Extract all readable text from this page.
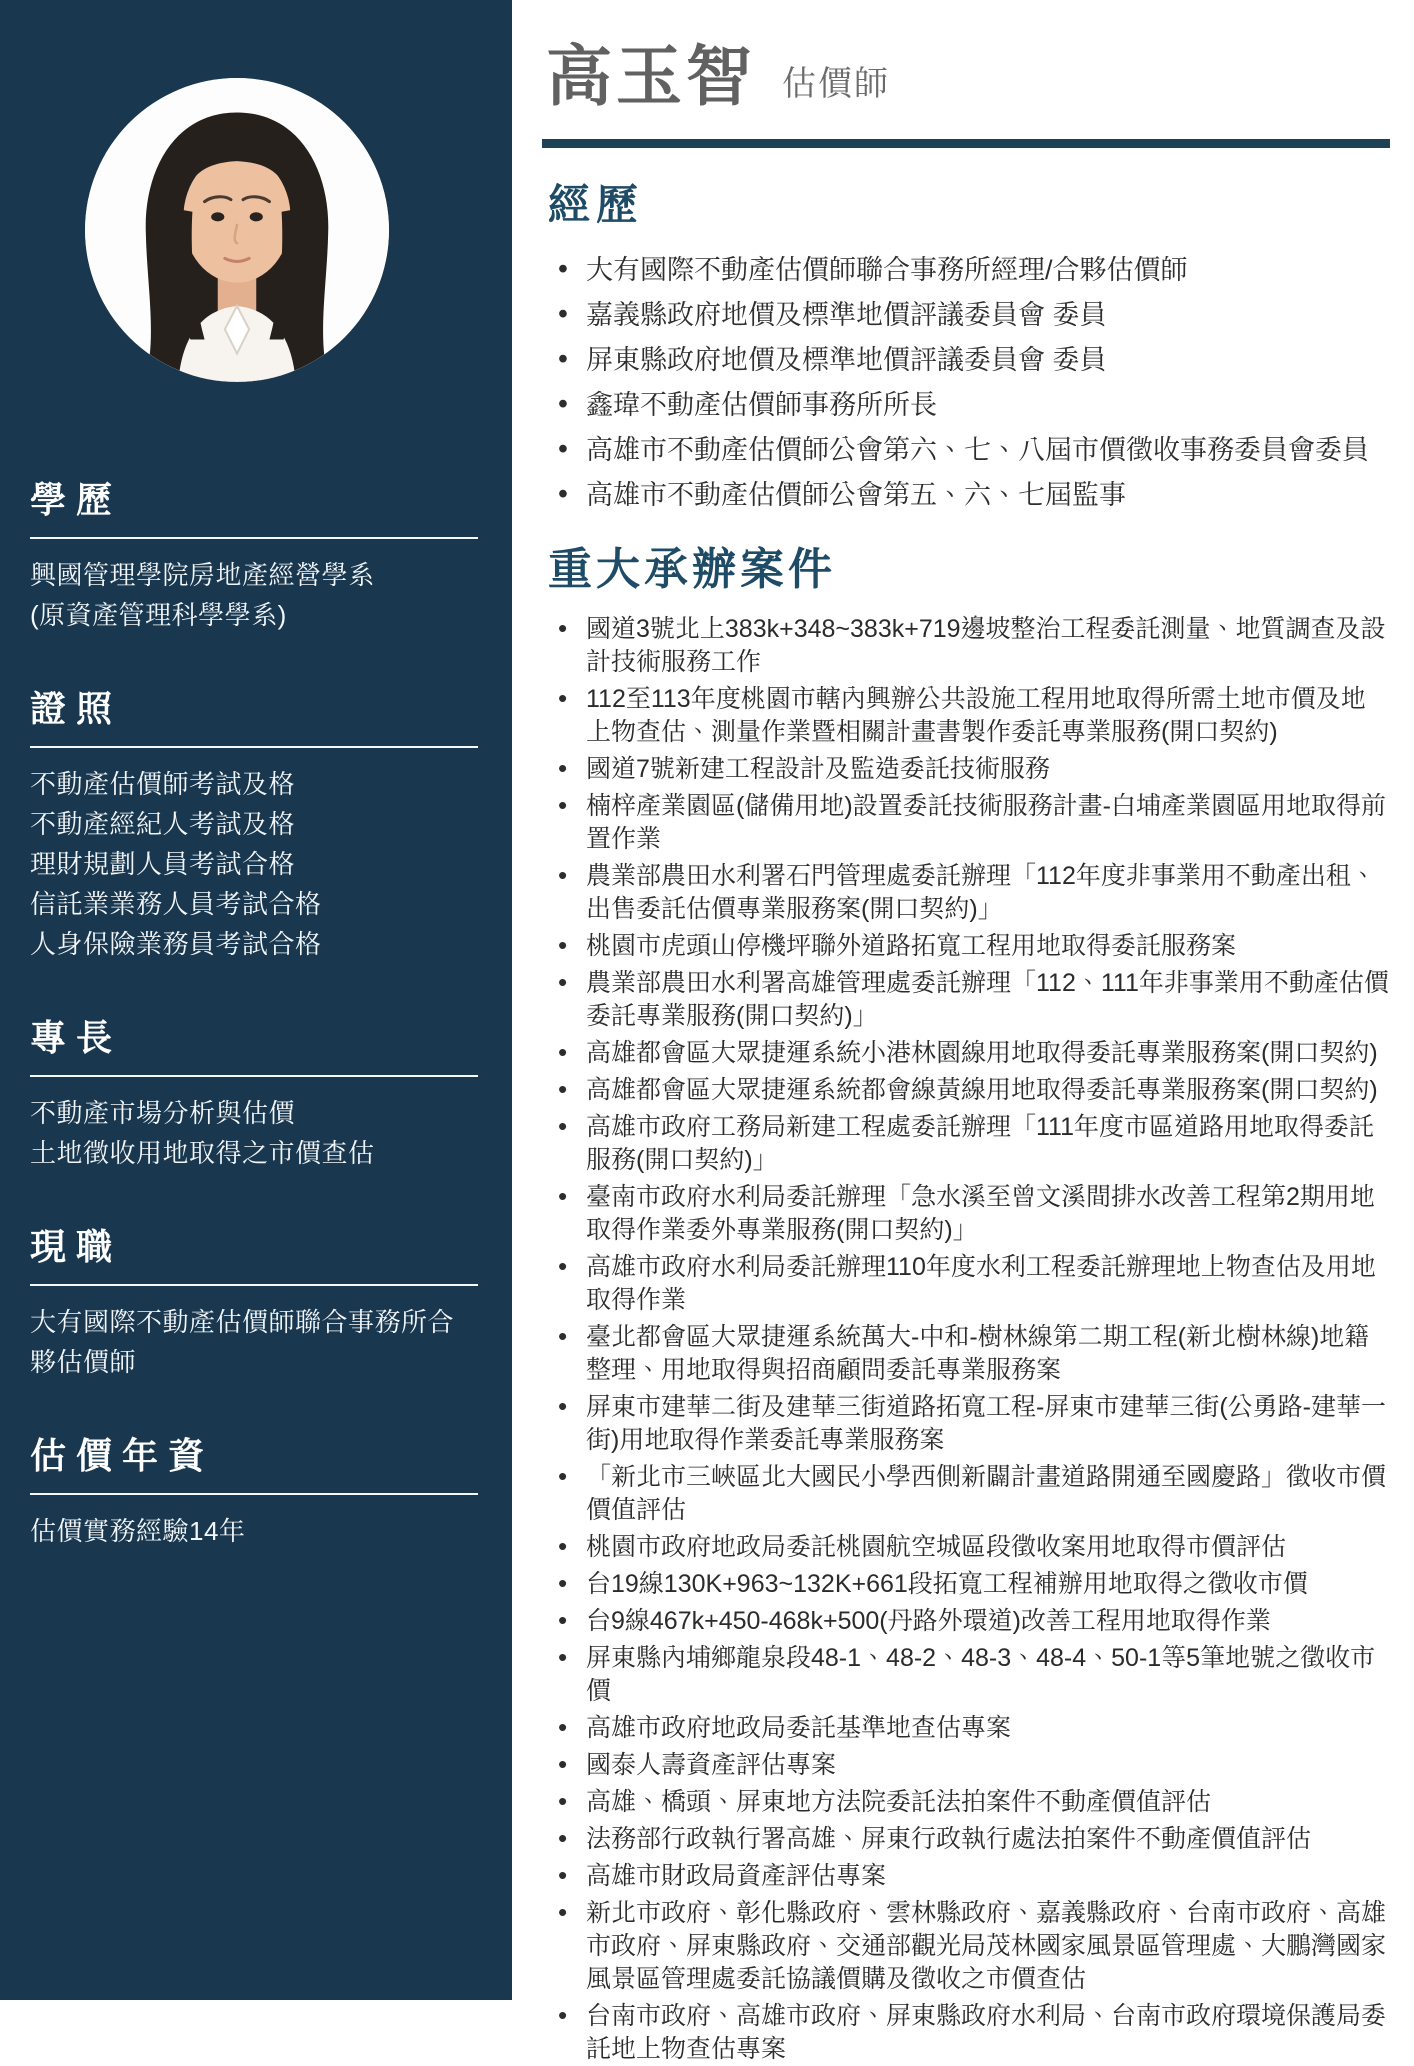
學歷
興國管理學院房地產經營學系
(原資產管理科學學系)
證照
不動產估價師考試及格
不動產經紀人考試及格
理財規劃人員考試合格
信託業業務人員考試合格
人身保險業務員考試合格
專長
不動產市場分析與估價
土地徵收用地取得之市價查估
現職
大有國際不動產估價師聯合事務所合夥估價師
估價年資
估價實務經驗14年
高玉智 估價師
經歷
• 大有國際不動產估價師聯合事務所經理/合夥估價師
• 嘉義縣政府地價及標準地價評議委員會 委員
• 屏東縣政府地價及標準地價評議委員會 委員
• 鑫瑋不動產估價師事務所所長
• 高雄市不動產估價師公會第六、七、八屆市價徵收事務委員會委員
• 高雄市不動產估價師公會第五、六、七屆監事
重大承辦案件
• 國道3號北上383k+348~383k+719邊坡整治工程委託測量、地質調查及設計技術服務工作
• 112至113年度桃園市轄內興辦公共設施工程用地取得所需土地市價及地上物查估、測量作業暨相關計畫書製作委託專業服務(開口契約)
• 國道7號新建工程設計及監造委託技術服務
• 楠梓產業園區(儲備用地)設置委託技術服務計畫-白埔產業園區用地取得前置作業
• 農業部農田水利署石門管理處委託辦理「112年度非事業用不動產出租、出售委託估價專業服務案(開口契約)」
• 桃園市虎頭山停機坪聯外道路拓寬工程用地取得委託服務案
• 農業部農田水利署高雄管理處委託辦理「112、111年非事業用不動產估價委託專業服務(開口契約)」
• 高雄都會區大眾捷運系統小港林園線用地取得委託專業服務案(開口契約)
• 高雄都會區大眾捷運系統都會線黃線用地取得委託專業服務案(開口契約)
• 高雄市政府工務局新建工程處委託辦理「111年度市區道路用地取得委託服務(開口契約)」
• 臺南市政府水利局委託辦理「急水溪至曾文溪間排水改善工程第2期用地取得作業委外專業服務(開口契約)」
• 高雄市政府水利局委託辦理110年度水利工程委託辦理地上物查估及用地取得作業
• 臺北都會區大眾捷運系統萬大-中和-樹林線第二期工程(新北樹林線)地籍整理、用地取得與招商顧問委託專業服務案
• 屏東市建華二街及建華三街道路拓寬工程-屏東市建華三街(公勇路-建華一街)用地取得作業委託專業服務案
• 「新北市三峽區北大國民小學西側新闢計畫道路開通至國慶路」徵收市價價值評估
• 桃園市政府地政局委託桃園航空城區段徵收案用地取得市價評估
• 台19線130K+963~132K+661段拓寬工程補辦用地取得之徵收市價
• 台9線467k+450-468k+500(丹路外環道)改善工程用地取得作業
• 屏東縣內埔鄉龍泉段48-1、48-2、48-3、48-4、50-1等5筆地號之徵收市價
• 高雄市政府地政局委託基準地查估專案
• 國泰人壽資產評估專案
• 高雄、橋頭、屏東地方法院委託法拍案件不動產價值評估
• 法務部行政執行署高雄、屏東行政執行處法拍案件不動產價值評估
• 高雄市財政局資產評估專案
• 新北市政府、彰化縣政府、雲林縣政府、嘉義縣政府、台南市政府、高雄市政府、屏東縣政府、交通部觀光局茂林國家風景區管理處、大鵬灣國家風景區管理處委託協議價購及徵收之市價查估
• 台南市政府、高雄市政府、屏東縣政府水利局、台南市政府環境保護局委託地上物查估專案
